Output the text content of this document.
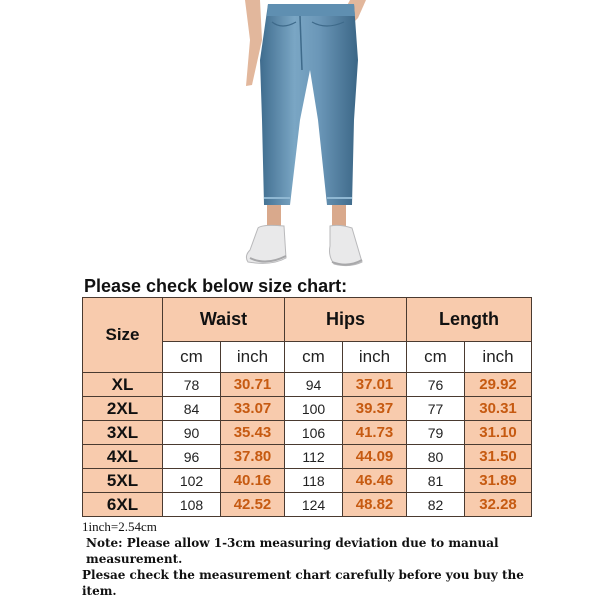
Please check below size chart:
Size	Waist		Hips		Length	
	cm	inch	cm	inch	cm	inch
XL	78	30.71	94	37.01	76	29.92
2XL	84	33.07	100	39.37	77	30.31
3XL	90	35.43	106	41.73	79	31.10
4XL	96	37.80	112	44.09	80	31.50
5XL	102	40.16	118	46.46	81	31.89
6XL	108	42.52	124	48.82	82	32.28
1inch=2.54cm
Note: Please allow 1-3cm measuring deviation due to manual measurement.
Plesae check the measurement chart carefully before you buy the item.
